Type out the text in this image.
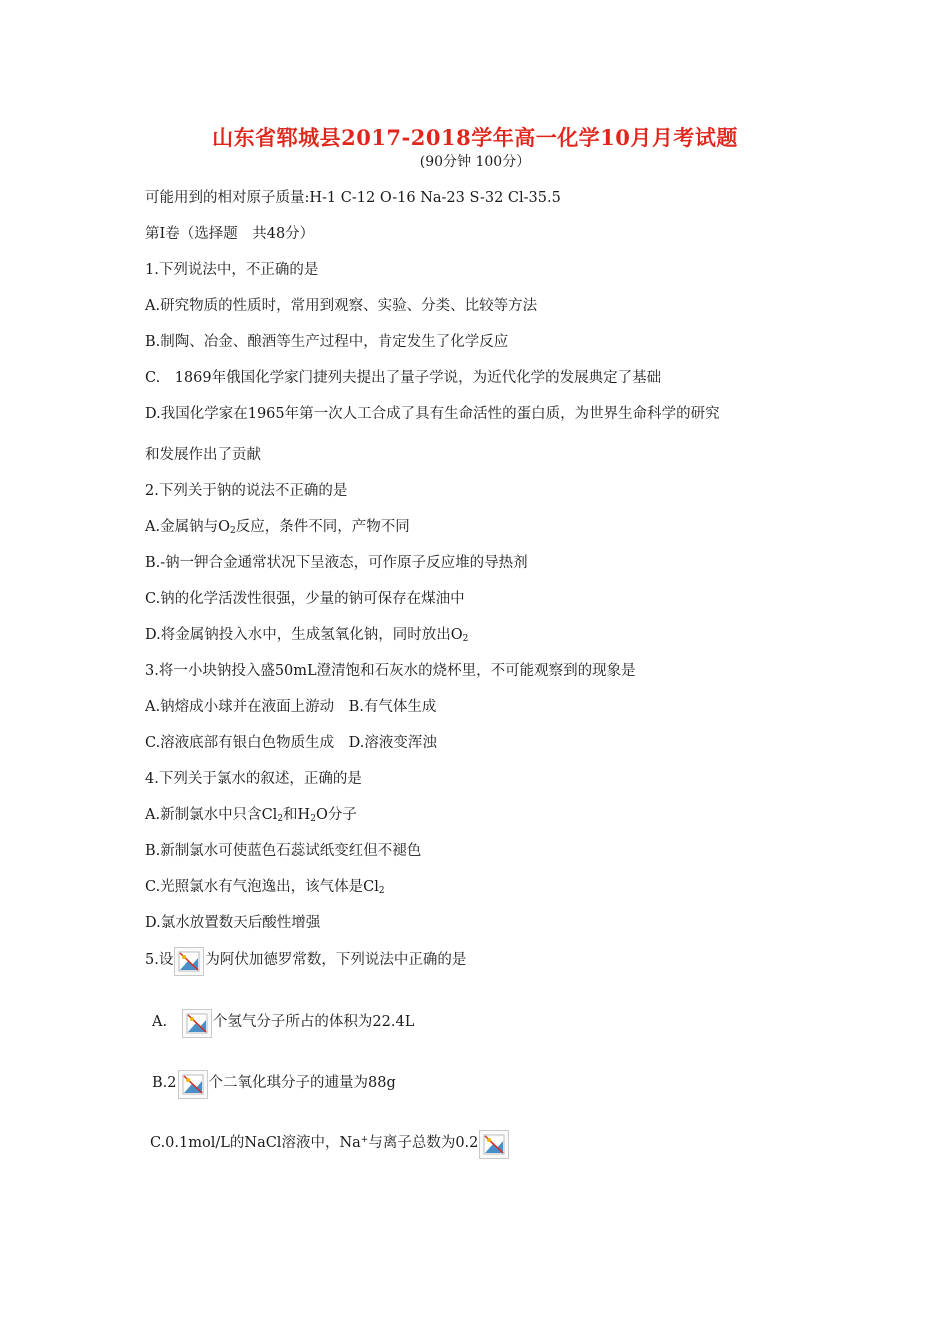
山东省郓城县2017-2018学年高一化学10月月考试题
(90分钟 100分）
可能用到的相对原子质量:H-1 C-12 O-16 Na-23 S-32 Cl-35.5
第Ⅰ卷（选择题　共48分）
1.下列说法中，不正确的是
A.研究物质的性质时，常用到观察、实验、分类、比较等方法
B.制陶、冶金、酿酒等生产过程中，肯定发生了化学反应
C.　1869年俄国化学家门捷列夫提出了量子学说，为近代化学的发展典定了基础
D.我国化学家在1965年第一次人工合成了具有生命活性的蛋白质，为世界生命科学的研究
和发展作出了贡献
2.下列关于钠的说法不正确的是
A.金属钠与$O_2$反应，条件不同，产物不同
B.-钠一钾合金通常状况下呈液态，可作原子反应堆的导热剂
C.钠的化学活泼性很强，少量的钠可保存在煤油中
D.将金属钠投入水中，生成氢氧化钠，同时放出$O_2$
3.将一小块钠投入盛50mL澄清饱和石灰水的烧杯里，不可能观察到的现象是
A.钠熔成小球并在液面上游动　B.有气体生成
C.溶液底部有银白色物质生成　D.溶液变浑浊
4.下列关于氯水的叙述，正确的是
A.新制氯水中只含$Cl_2$和$H_2O$分子
B.新制氯水可使蓝色石蕊试纸变红但不褪色
C.光照氯水有气泡逸出，该气体是$Cl_2$
D.氯水放置数天后酸性增强
5.设 为阿伏加德罗常数，下列说法中正确的是
A.	个氢气分子所占的体积为22.4L
B.2 个二氧化琪分子的逋量为88g
C.0.1mol/L的NaCl溶液中，Na+与离子总数为0.2
